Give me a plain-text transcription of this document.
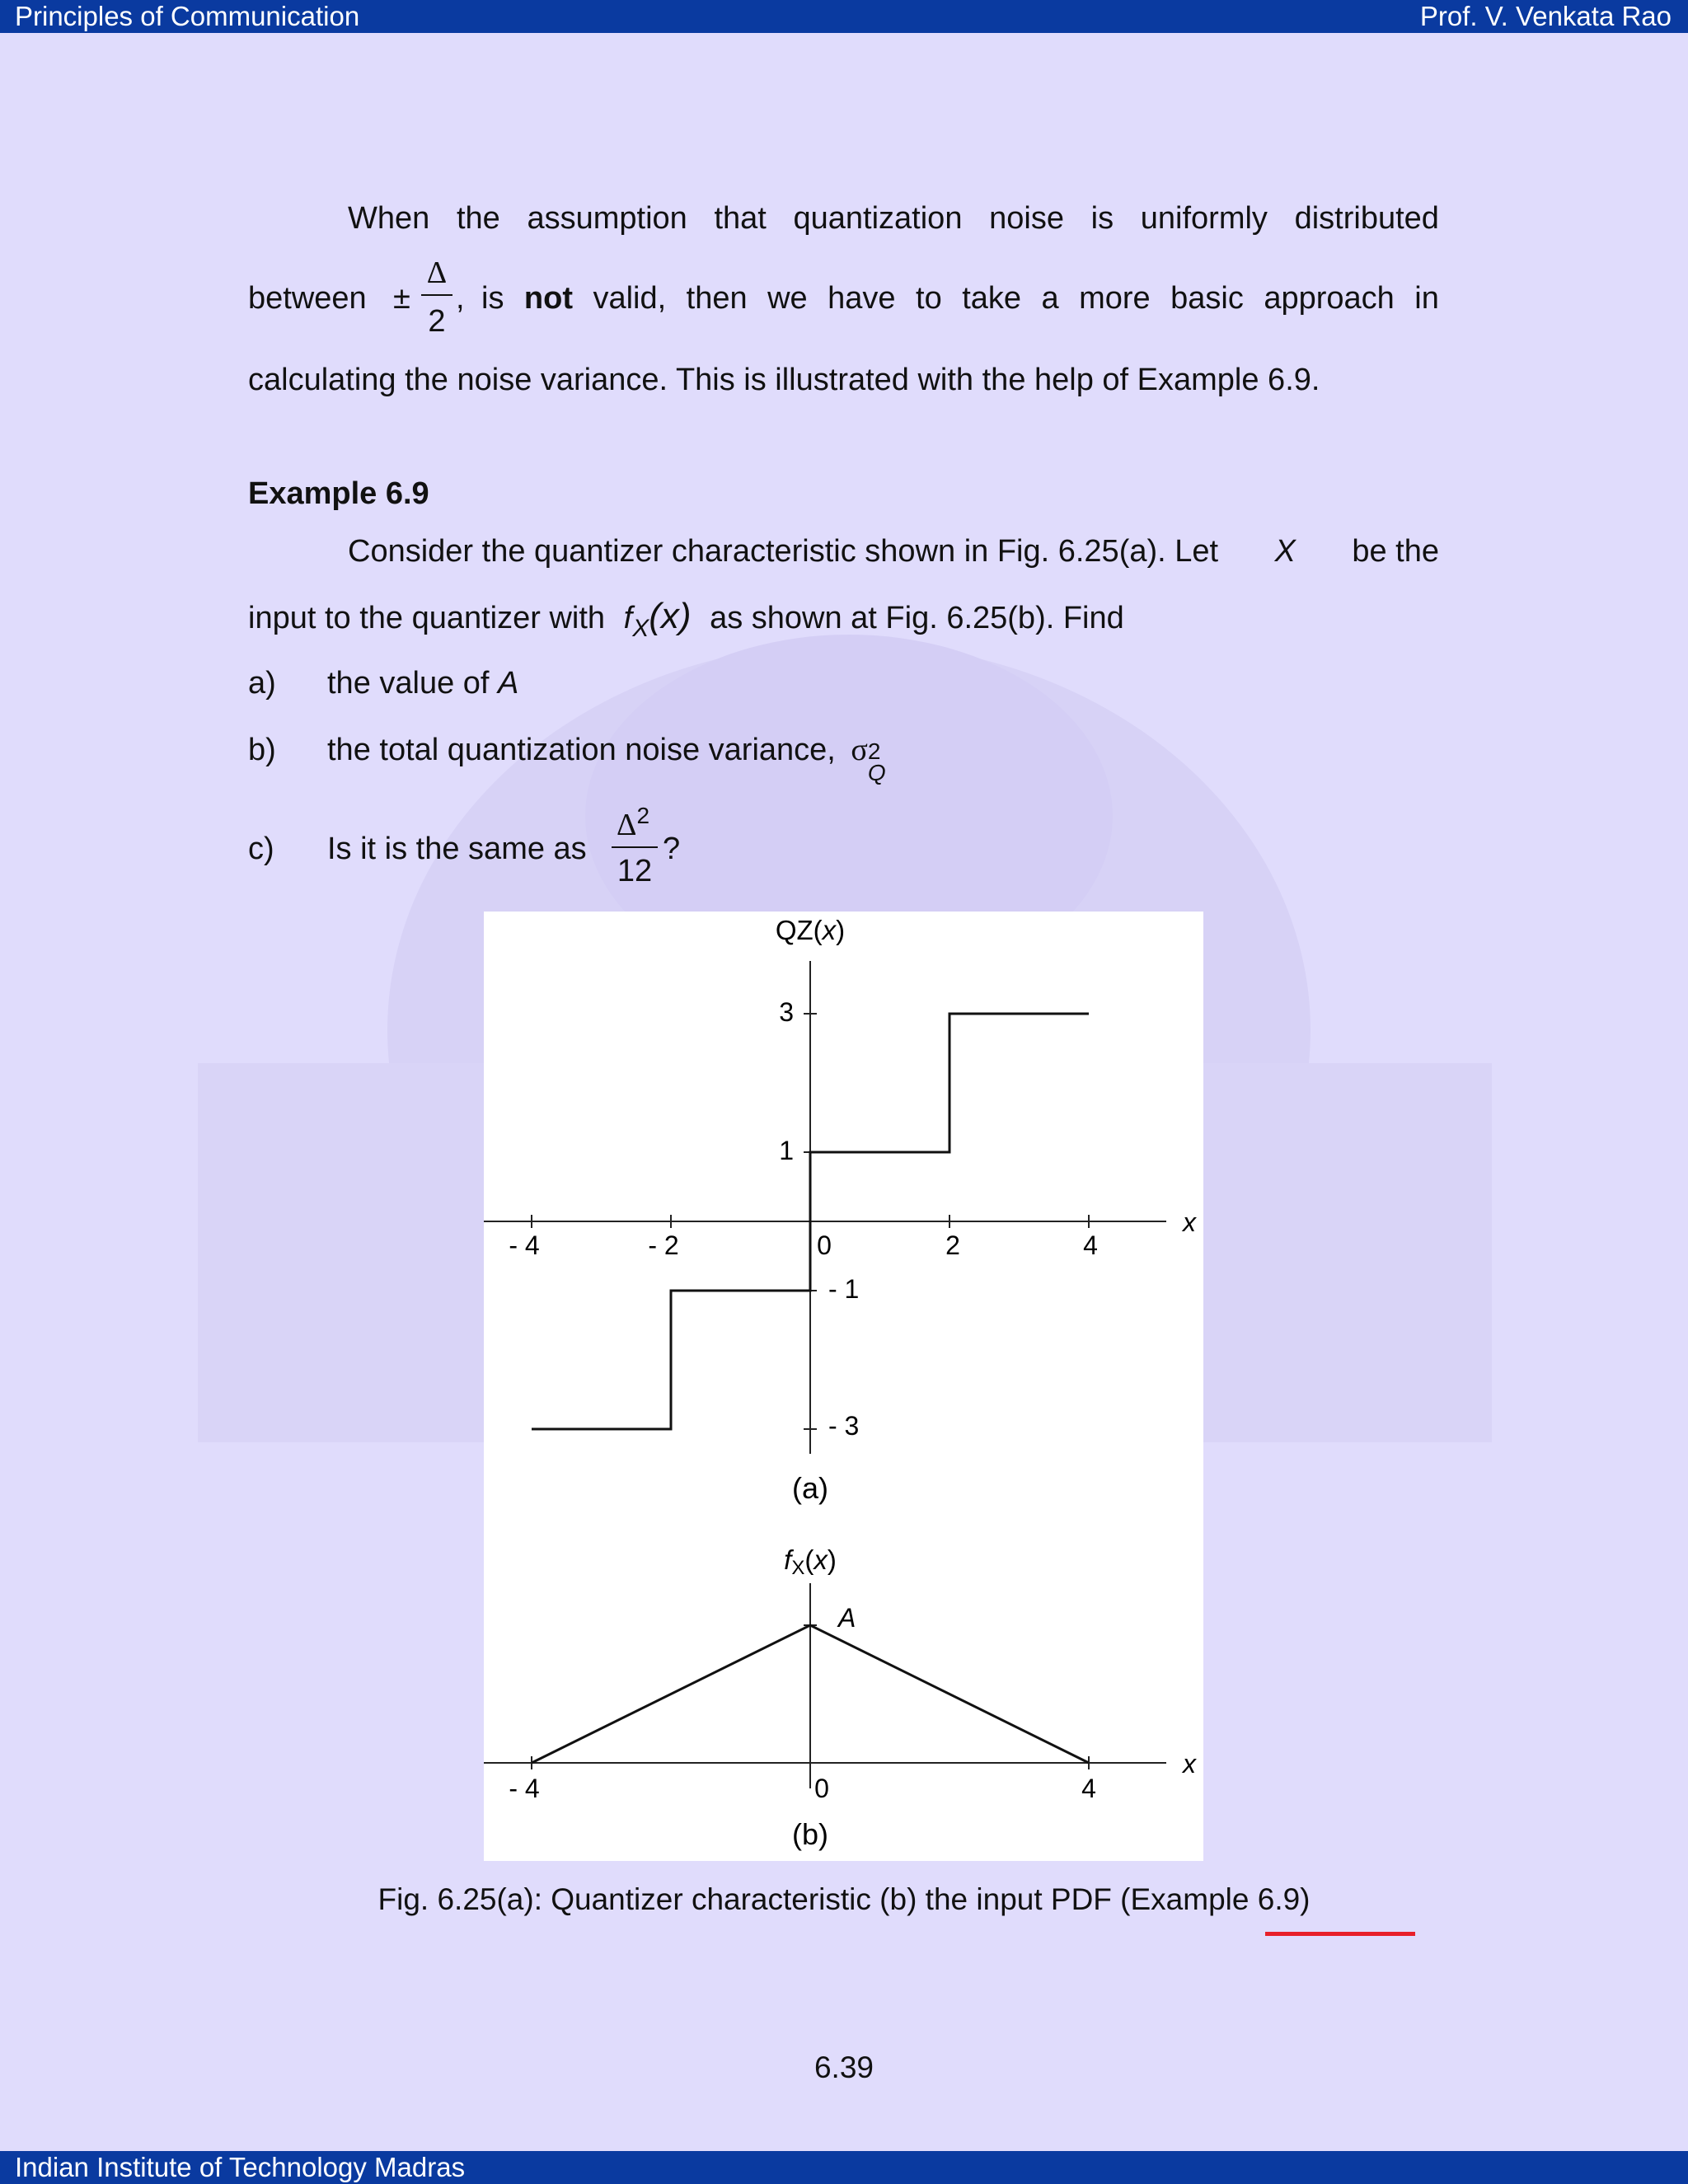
Principles of Communication	Prof. V. Venkata Rao
Indian Institute of Technology Madras
When the assumption that quantization noise is uniformly distributed
between ±
Δ
2
, is not valid, then we have to take a more basic approach in
calculating the noise variance. This is illustrated with the help of Example 6.9.
Example 6.9
Consider the quantizer characteristic shown in Fig. 6.25(a). Let X be the
input to the quantizer with $f_X(x)$ as shown at Fig. 6.25(b). Find
a) the value of A
b) the total quantization noise variance, σ 2
Q
c) Is it is the same as
$\Delta^2$
12
?
QZ(x)
x
- 4	- 2	0	2	4
3
1
- 1
- 3
(a)
fX(x)
A
x
- 4	0	4
(b)
Fig. 6.25(a): Quantizer characteristic (b) the input PDF (Example 6.9)
6.39
